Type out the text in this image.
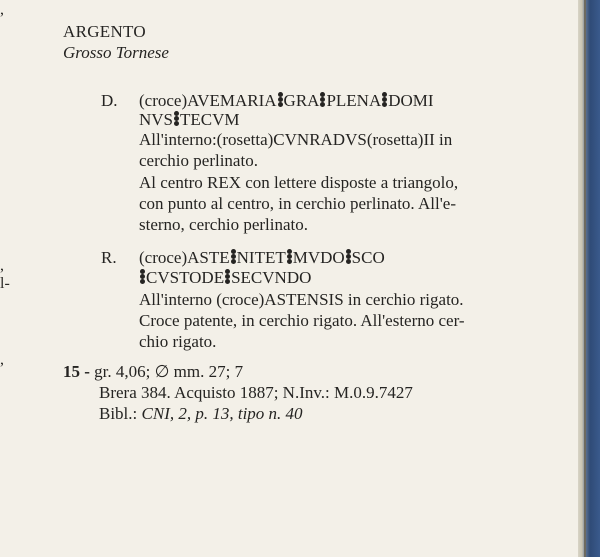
,
,
l-
,
ARGENTO
Grosso Tornese
D. (croce)AVEMARIA GRA PLENA DOMI
NVS TECVM
All'interno:(rosetta)CVNRADVS(rosetta)II in
cerchio perlinato.
Al centro REX con lettere disposte a triangolo,
con punto al centro, in cerchio perlinato. All'e-
sterno, cerchio perlinato.
R. (croce)ASTE NITET MVDO SCO
CVSTODE SECVNDO
All'interno (croce)ASTENSIS in cerchio rigato.
Croce patente, in cerchio rigato. All'esterno cer-
chio rigato.
15 - gr. 4,06; ∅ mm. 27; 7
Brera 384. Acquisto 1887; N.Inv.: M.0.9.7427
Bibl.: CNI, 2, p. 13, tipo n. 40
